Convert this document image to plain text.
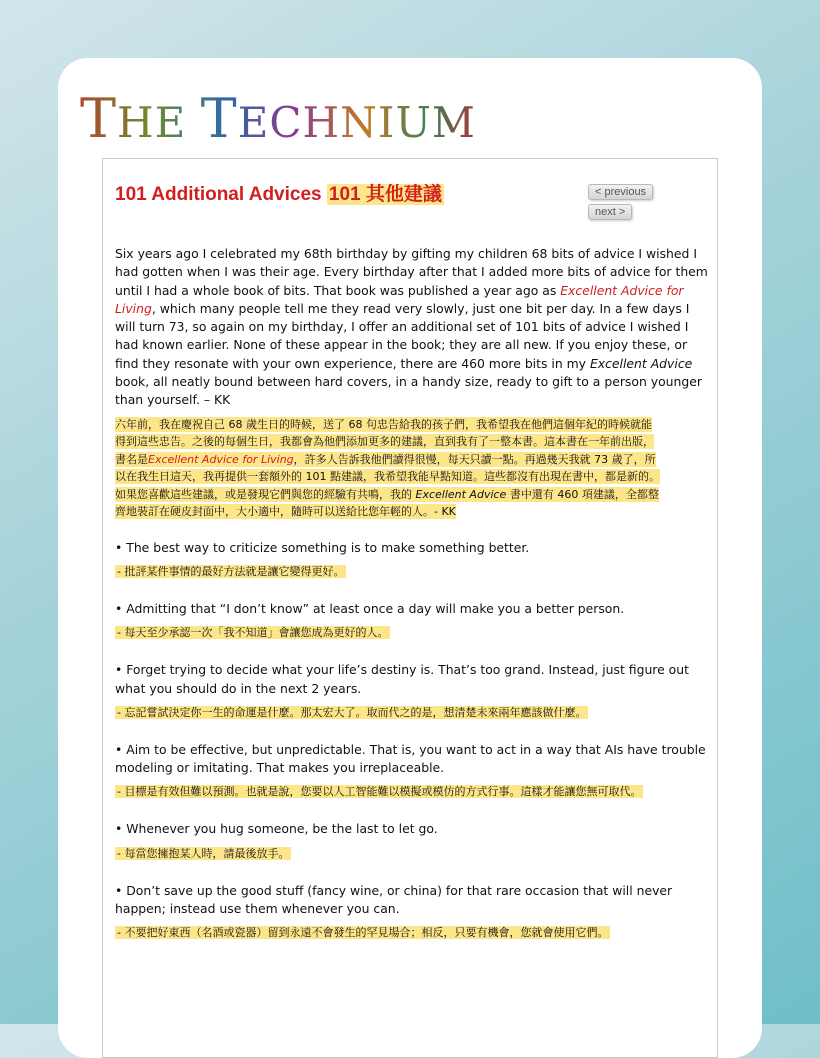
THE TECHNIUM
101 Additional Advices 101 其他建議	< previous
next >

Six years ago I celebrated my 68th birthday by gifting my children 68 bits of advice I wished I had gotten when I was their age. Every birthday after that I added more bits of advice for them until I had a whole book of bits. That book was published a year ago as Excellent Advice for Living, which many people tell me they read very slowly, just one bit per day. In a few days I will turn 73, so again on my birthday, I offer an additional set of 101 bits of advice I wished I had known earlier. None of these appear in the book; they are all new. If you enjoy these, or find they resonate with your own experience, there are 460 more bits in my Excellent Advice book, all neatly bound between hard covers, in a handy size, ready to gift to a person younger than yourself. – KK

六年前，我在慶祝自己 68 歲生日的時候，送了 68 句忠告給我的孩子們，我希望我在他們這個年紀的時候就能

得到這些忠告。之後的每個生日，我都會為他們添加更多的建議，直到我有了一整本書。這本書在一年前出版，

書名是Excellent Advice for Living，許多人告訴我他們讀得很慢，每天只讀一點。再過幾天我就 73 歲了，所

以在我生日這天，我再提供一套額外的 101 點建議，我希望我能早點知道。這些都沒有出現在書中，都是新的。

如果您喜歡這些建議，或是發現它們與您的經驗有共鳴，我的 Excellent Advice 書中還有 460 項建議，全都整

齊地裝訂在硬皮封面中，大小適中，隨時可以送給比您年輕的人。- KK

• The best way to criticize something is to make something better.

- 批評某件事情的最好方法就是讓它變得更好。

• Admitting that “I don’t know” at least once a day will make you a better person.

- 每天至少承認一次「我不知道」會讓您成為更好的人。

• Forget trying to decide what your life’s destiny is. That’s too grand. Instead, just figure out what you should do in the next 2 years.

- 忘記嘗試決定你一生的命運是什麼。那太宏大了。取而代之的是，想清楚未來兩年應該做什麼。

• Aim to be effective, but unpredictable. That is, you want to act in a way that AIs have trouble modeling or imitating. That makes you irreplaceable.

- 目標是有效但難以預測。也就是說，您要以人工智能難以模擬或模仿的方式行事。這樣才能讓您無可取代。

• Whenever you hug someone, be the last to let go.

- 每當您擁抱某人時，請最後放手。

• Don’t save up the good stuff (fancy wine, or china) for that rare occasion that will never happen; instead use them whenever you can.

- 不要把好東西（名酒或瓷器）留到永遠不會發生的罕見場合；相反，只要有機會，您就會使用它們。
